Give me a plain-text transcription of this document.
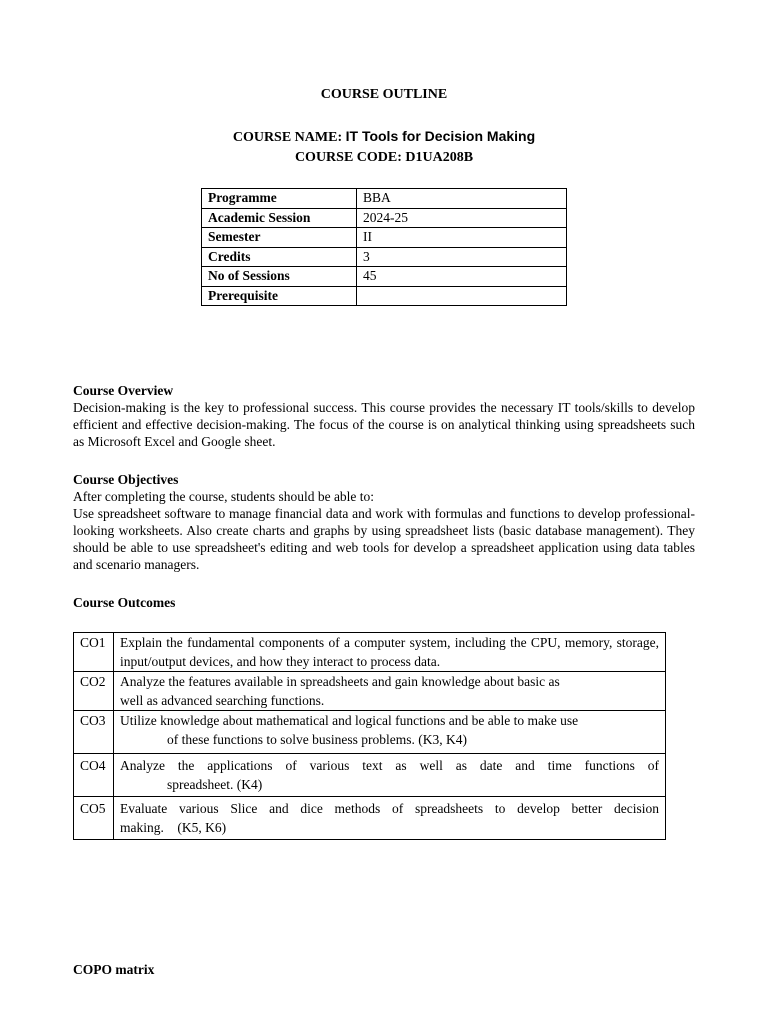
COURSE OUTLINE
COURSE NAME: IT Tools for Decision Making
COURSE CODE: D1UA208B
Programme	BBA
Academic Session	2024-25
Semester	II
Credits	3
No of Sessions	45
Prerequisite	
Course Overview
Decision-making is the key to professional success. This course provides the necessary IT tools/skills to develop efficient and effective decision-making. The focus of the course is on analytical thinking using spreadsheets such as Microsoft Excel and Google sheet.
Course Objectives
After completing the course, students should be able to:
Use spreadsheet software to manage financial data and work with formulas and functions to develop professional-looking worksheets. Also create charts and graphs by using spreadsheet lists (basic database management). They should be able to use spreadsheet's editing and web tools for develop a spreadsheet application using data tables and scenario managers.
Course Outcomes
CO1	Explain the fundamental components of a computer system, including the CPU, memory, storage, input/output devices, and how they interact to process data.
CO2	Analyze the features available in spreadsheets and gain knowledge about basic as
well as advanced searching functions.

CO3	Utilize knowledge about mathematical and logical functions and be able to make use
of these functions to solve business problems. (K3, K4)
CO4	Analyze the applications of various text as well as date and time functions of
spreadsheet. (K4)
CO5	Evaluate various Slice and dice methods of spreadsheets to develop better decision
making.    (K5, K6)
COPO matrix
